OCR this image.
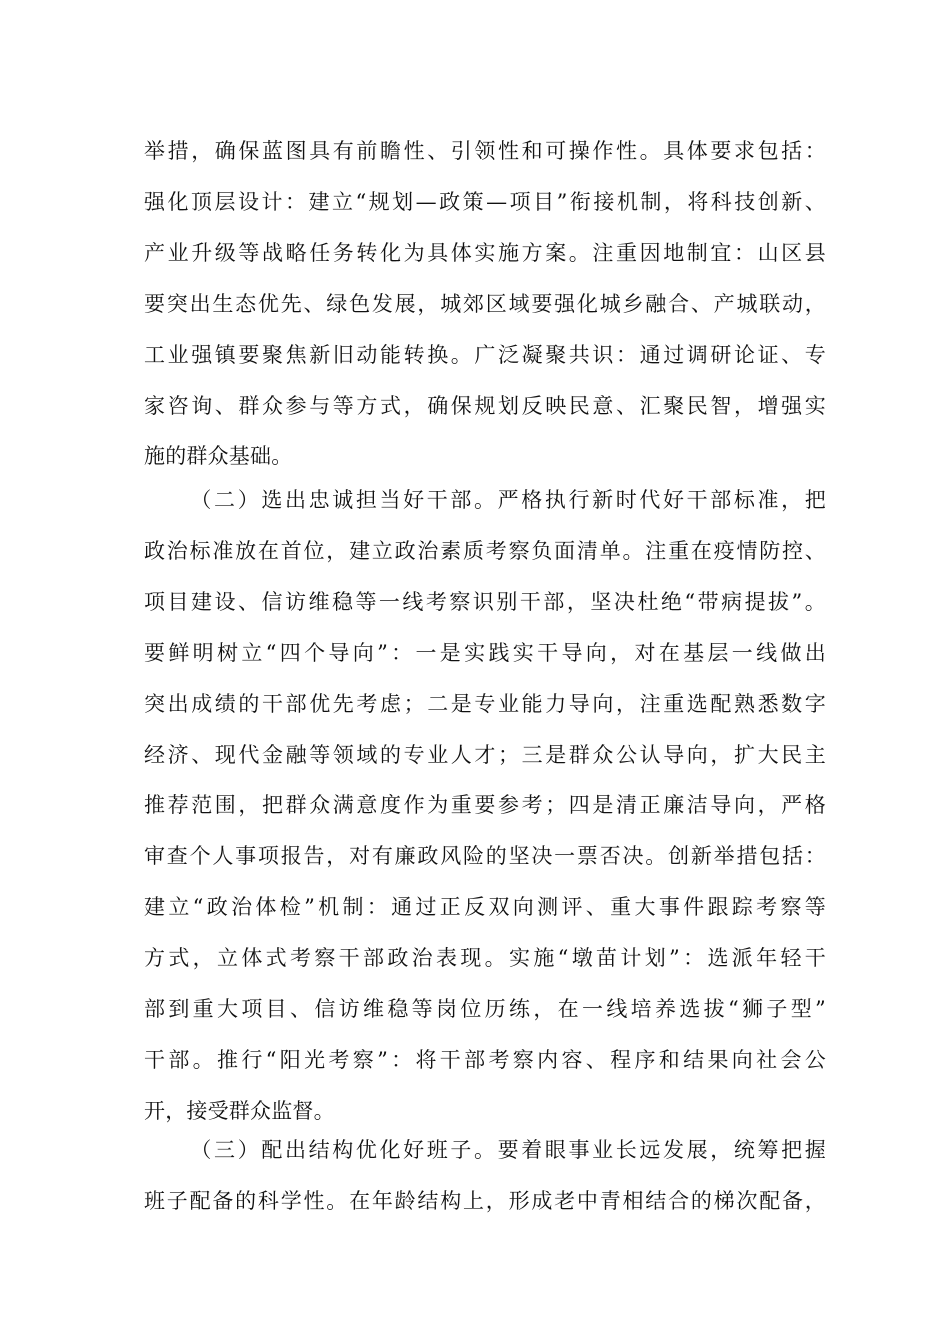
举措，确保蓝图具有前瞻性、引领性和可操作性。具体要求包括：
强化顶层设计：建立“规划—政策—项目”衔接机制，将科技创新、
产业升级等战略任务转化为具体实施方案。注重因地制宜：山区县
要突出生态优先、绿色发展，城郊区域要强化城乡融合、产城联动，
工业强镇要聚焦新旧动能转换。广泛凝聚共识：通过调研论证、专
家咨询、群众参与等方式，确保规划反映民意、汇聚民智，增强实
施的群众基础。
（二）选出忠诚担当好干部。严格执行新时代好干部标准，把
政治标准放在首位，建立政治素质考察负面清单。注重在疫情防控、
项目建设、信访维稳等一线考察识别干部，坚决杜绝“带病提拔”。
要鲜明树立“四个导向”：一是实践实干导向，对在基层一线做出
突出成绩的干部优先考虑；二是专业能力导向，注重选配熟悉数字
经济、现代金融等领域的专业人才；三是群众公认导向，扩大民主
推荐范围，把群众满意度作为重要参考；四是清正廉洁导向，严格
审查个人事项报告，对有廉政风险的坚决一票否决。创新举措包括：
建立“政治体检”机制：通过正反双向测评、重大事件跟踪考察等
方式，立体式考察干部政治表现。实施“墩苗计划”：选派年轻干
部到重大项目、信访维稳等岗位历练，在一线培养选拔“狮子型”
干部。推行“阳光考察”：将干部考察内容、程序和结果向社会公
开，接受群众监督。
（三）配出结构优化好班子。要着眼事业长远发展，统筹把握
班子配备的科学性。在年龄结构上，形成老中青相结合的梯次配备，
